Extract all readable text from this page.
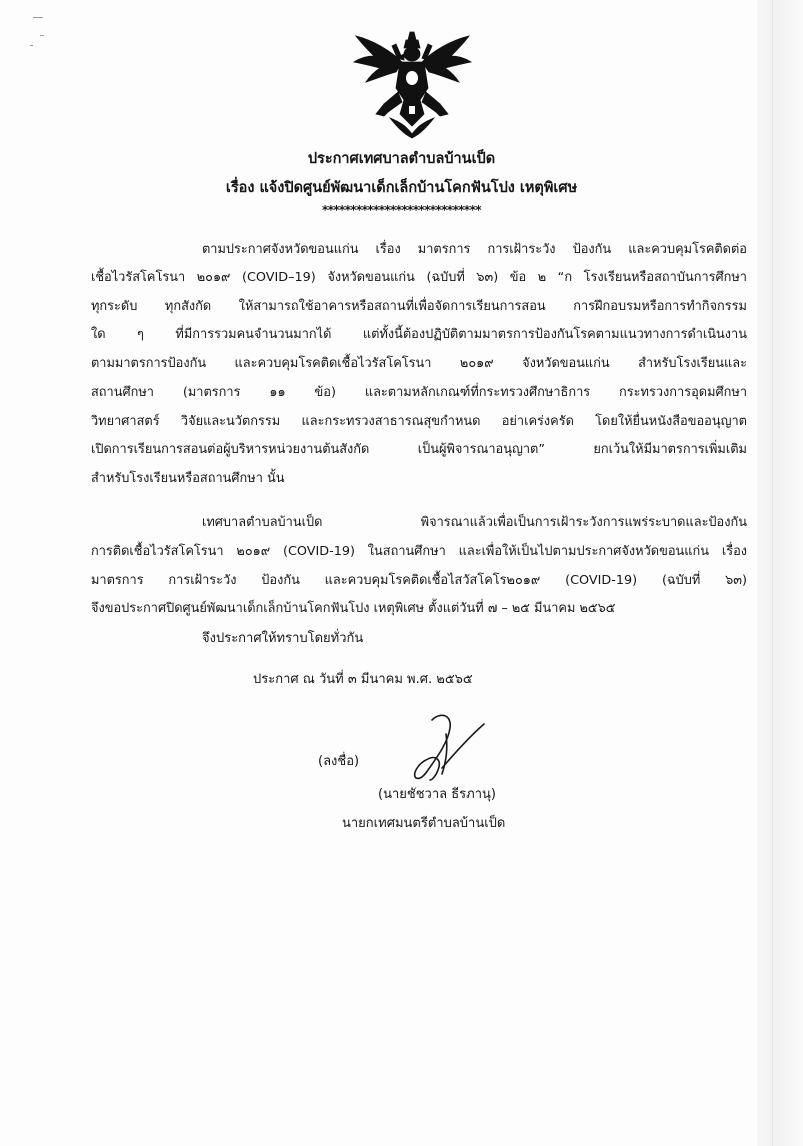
ประกาศเทศบาลตำบลบ้านเป็ด
เรื่อง แจ้งปิดศูนย์พัฒนาเด็กเล็กบ้านโคกฟันโปง เหตุพิเศษ
****************************
ตามประกาศจังหวัดขอนแก่น เรื่อง มาตรการ การเฝ้าระวัง ป้องกัน และควบคุมโรคติดต่อ
เชื้อไวรัสโคโรนา ๒๐๑๙ (COVID–19) จังหวัดขอนแก่น (ฉบับที่ ๖๓) ข้อ ๒ “ก โรงเรียนหรือสถาบันการศึกษา
ทุกระดับ ทุกสังกัด ให้สามารถใช้อาคารหรือสถานที่เพื่อจัดการเรียนการสอน การฝึกอบรมหรือการทำกิจกรรม
ใด ๆ ที่มีการรวมคนจำนวนมากได้ แต่ทั้งนี้ต้องปฏิบัติตามมาตรการป้องกันโรคตามแนวทางการดำเนินงาน
ตามมาตรการป้องกัน และควบคุมโรคติดเชื้อไวรัสโคโรนา ๒๐๑๙ จังหวัดขอนแก่น สำหรับโรงเรียนและ
สถานศึกษา (มาตรการ ๑๑ ข้อ) และตามหลักเกณฑ์ที่กระทรวงศึกษาธิการ กระทรวงการอุดมศึกษา
วิทยาศาสตร์ วิจัยและนวัตกรรม และกระทรวงสาธารณสุขกำหนด อย่าเคร่งครัด โดยให้ยื่นหนังสือขออนุญาต
เปิดการเรียนการสอนต่อผู้บริหารหน่วยงานต้นสังกัด เป็นผู้พิจารณาอนุญาต” ยกเว้นให้มีมาตรการเพิ่มเติม
สำหรับโรงเรียนหรือสถานศึกษา นั้น
เทศบาลตำบลบ้านเป็ด พิจารณาแล้วเพื่อเป็นการเฝ้าระวังการแพร่ระบาดและป้องกัน
การติดเชื้อไวรัสโคโรนา ๒๐๑๙ (COVID-19) ในสถานศึกษา และเพื่อให้เป็นไปตามประกาศจังหวัดขอนแก่น เรื่อง
มาตรการ การเฝ้าระวัง ป้องกัน และควบคุมโรคติดเชื้อไสวัสโคโร๒๐๑๙ (COVID-19) (ฉบับที่ ๖๓)
จึงขอประกาศปิดศูนย์พัฒนาเด็กเล็กบ้านโคกฟันโปง เหตุพิเศษ ตั้งแต่วันที่ ๗ – ๒๕ มีนาคม ๒๕๖๕
จึงประกาศให้ทราบโดยทั่วกัน
ประกาศ ณ วันที่ ๓ มีนาคม พ.ศ. ๒๕๖๕
(ลงชื่อ)
(นายชัชวาล ธีรภานุ)
นายกเทศมนตรีตำบลบ้านเป็ด
